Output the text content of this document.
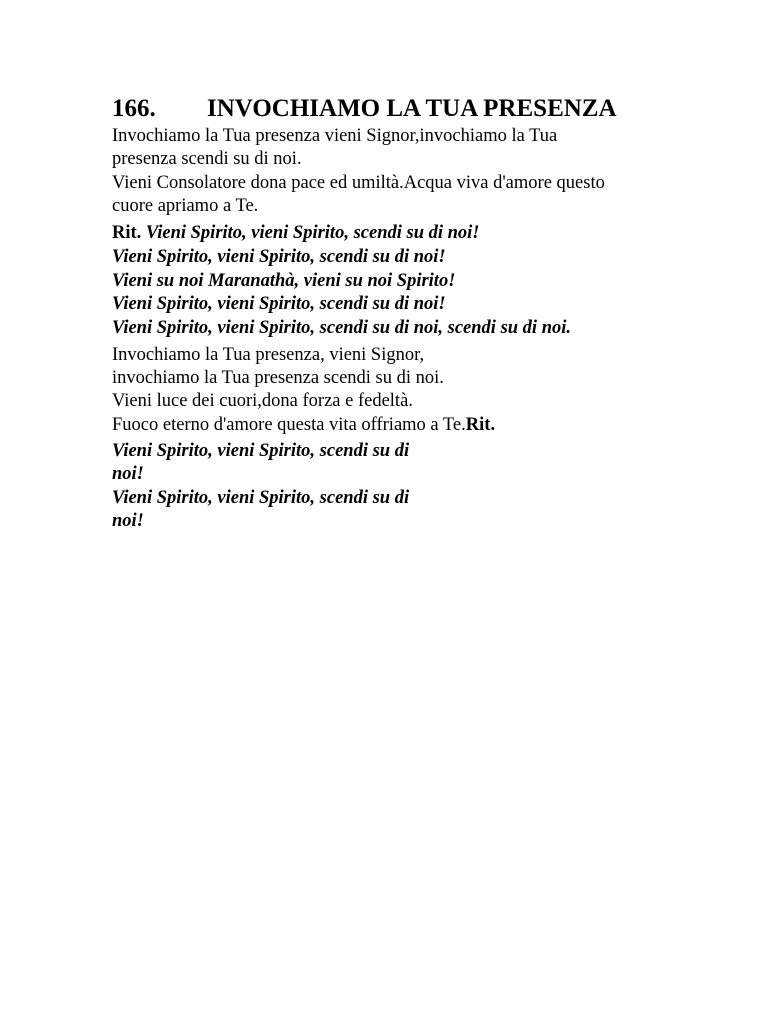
166. INVOCHIAMO LA TUA PRESENZA
Invochiamo la Tua presenza vieni Signor,invochiamo la Tua
presenza scendi su di noi.
Vieni Consolatore dona pace ed umiltà.Acqua viva d'amore questo
cuore apriamo a Te.
Rit. Vieni Spirito, vieni Spirito, scendi su di noi!
Vieni Spirito, vieni Spirito, scendi su di noi!
Vieni su noi Maranathà, vieni su noi Spirito!
Vieni Spirito, vieni Spirito, scendi su di noi!
Vieni Spirito, vieni Spirito, scendi su di noi, scendi su di noi.
Invochiamo la Tua presenza, vieni Signor,
invochiamo la Tua presenza scendi su di noi.
Vieni luce dei cuori,dona forza e fedeltà.
Fuoco eterno d'amore questa vita offriamo a Te.Rit.
Vieni Spirito, vieni Spirito, scendi su di
noi!
Vieni Spirito, vieni Spirito, scendi su di
noi!
